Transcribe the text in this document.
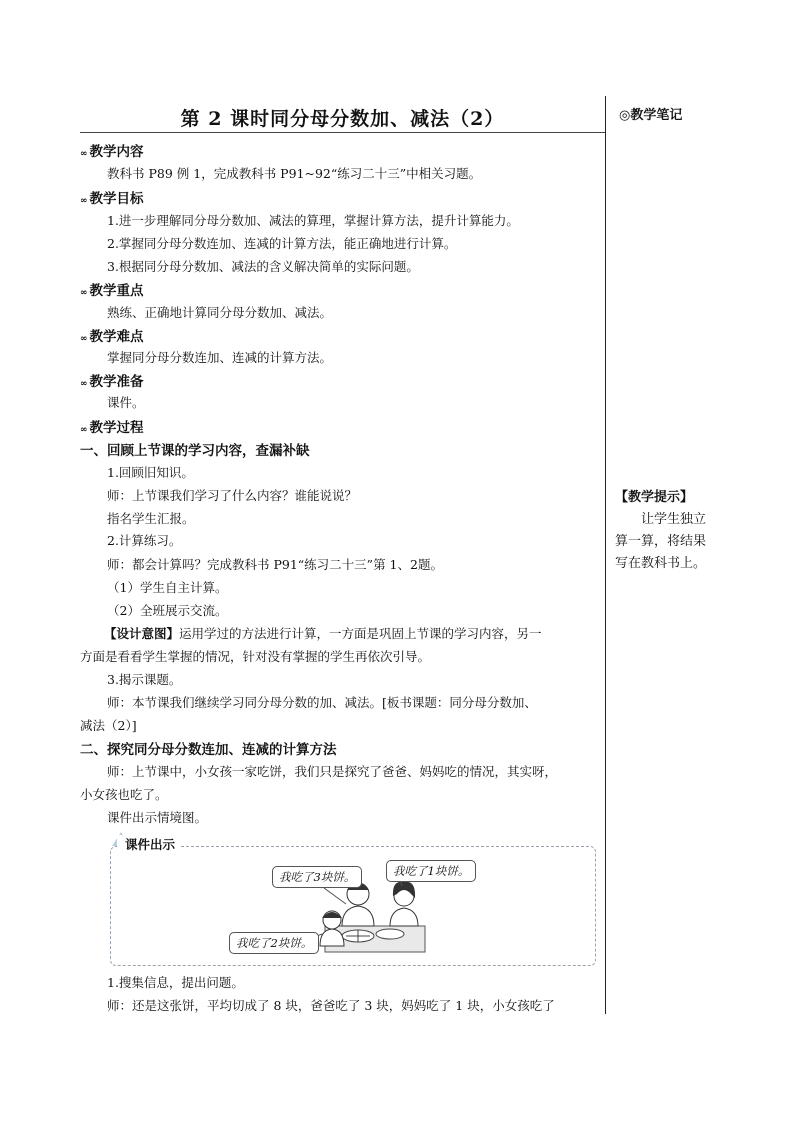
第 2 课时同分母分数加、减法（2）	◎教学笔记
∞ 教学内容
教科书 P89 例 1，完成教科书 P91~92“练习二十三”中相关习题。
∞ 教学目标
1.进一步理解同分母分数加、减法的算理，掌握计算方法，提升计算能力。
2.掌握同分母分数连加、连减的计算方法，能正确地进行计算。
3.根据同分母分数加、减法的含义解决简单的实际问题。
∞ 教学重点
熟练、正确地计算同分母分数加、减法。
∞ 教学难点
掌握同分母分数连加、连减的计算方法。
∞ 教学准备
课件。
∞ 教学过程
一、回顾上节课的学习内容，查漏补缺
1.回顾旧知识。
师：上节课我们学习了什么内容？谁能说说？
指名学生汇报。
2.计算练习。
师：都会计算吗？完成教科书 P91“练习二十三”第 1、2题。
（1）学生自主计算。
（2）全班展示交流。
【设计意图】运用学过的方法进行计算，一方面是巩固上节课的学习内容，另一
方面是看看学生掌握的情况，针对没有掌握的学生再依次引导。
3.揭示课题。
师：本节课我们继续学习同分母分数的加、减法。[板书课题：同分母分数加、
减法（2）]
二、探究同分母分数连加、连减的计算方法
师：上节课中，小女孩一家吃饼，我们只是探究了爸爸、妈妈吃的情况，其实呀，
小女孩也吃了。
课件出示情境图。
课件出示
我吃了3块饼。	我吃了1块饼。
我吃了2块饼。
1.搜集信息，提出问题。
师：还是这张饼，平均切成了 8 块，爸爸吃了 3 块，妈妈吃了 1 块，小女孩吃了
【教学提示】
让学生独立算一算，将结果写在教科书上。
